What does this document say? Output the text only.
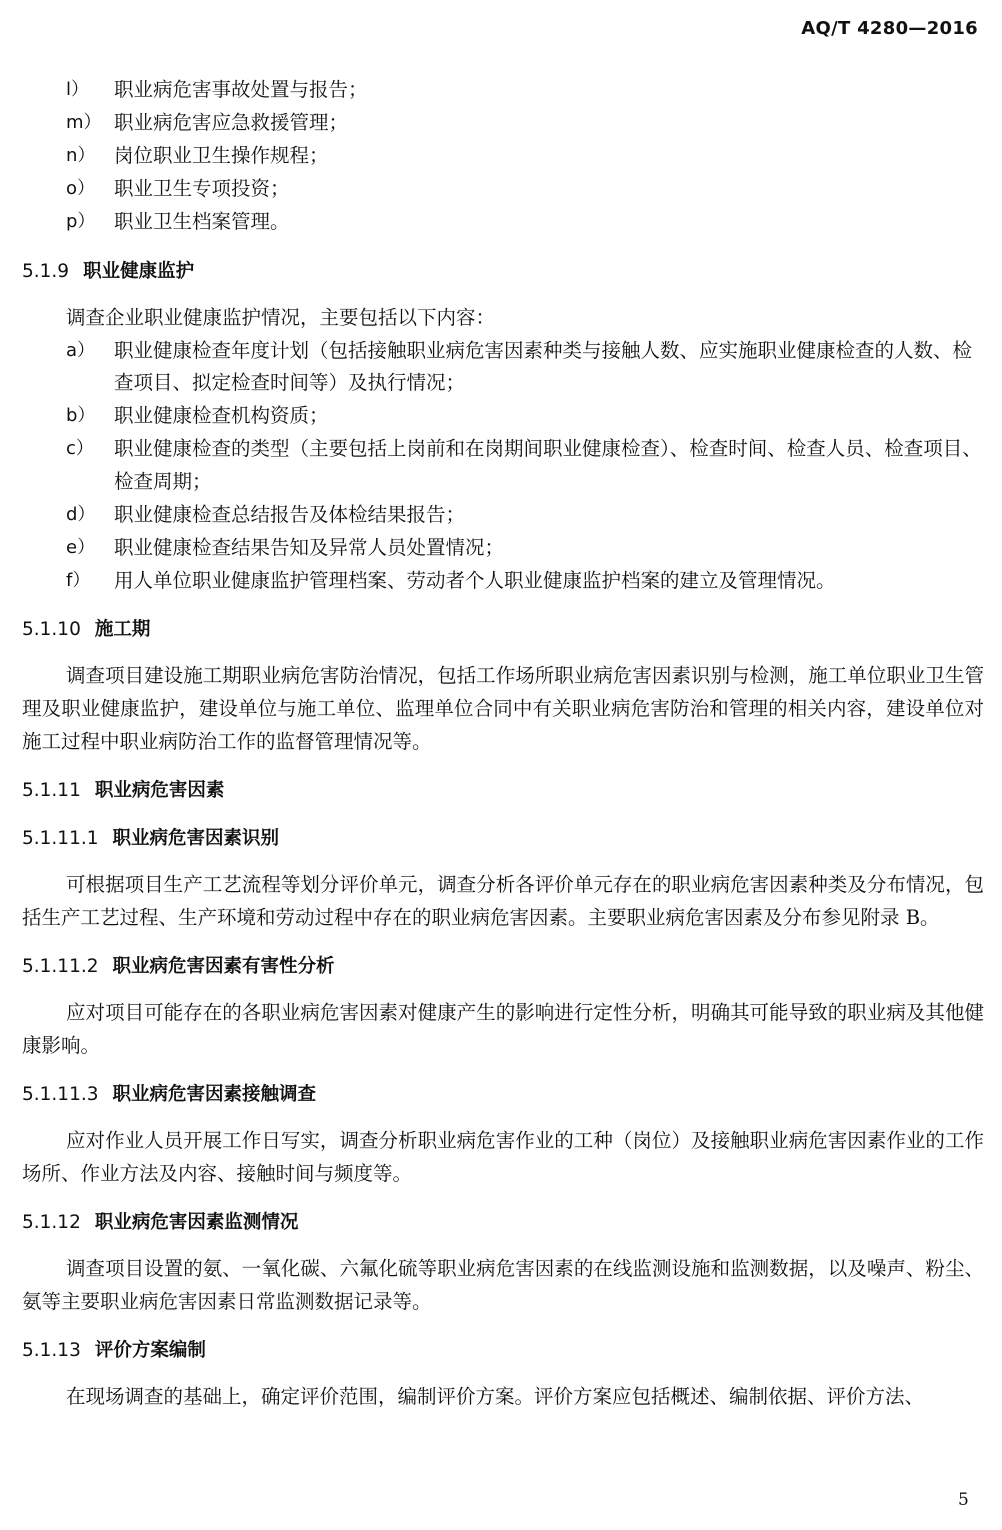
AQ/T 4280—2016
l） 职业病危害事故处置与报告；
m） 职业病危害应急救援管理；
n） 岗位职业卫生操作规程；
o） 职业卫生专项投资；
p） 职业卫生档案管理。
5.1.9 职业健康监护
调查企业职业健康监护情况，主要包括以下内容：
a） 职业健康检查年度计划（包括接触职业病危害因素种类与接触人数、应实施职业健康检查的人数、检查项目、拟定检查时间等）及执行情况；
b） 职业健康检查机构资质；
c） 职业健康检查的类型（主要包括上岗前和在岗期间职业健康检查）、检查时间、检查人员、检查项目、检查周期；
d） 职业健康检查总结报告及体检结果报告；
e） 职业健康检查结果告知及异常人员处置情况；
f） 用人单位职业健康监护管理档案、劳动者个人职业健康监护档案的建立及管理情况。
5.1.10 施工期
调查项目建设施工期职业病危害防治情况，包括工作场所职业病危害因素识别与检测，施工单位职业卫生管理及职业健康监护，建设单位与施工单位、监理单位合同中有关职业病危害防治和管理的相关内容，建设单位对施工过程中职业病防治工作的监督管理情况等。
5.1.11 职业病危害因素
5.1.11.1 职业病危害因素识别
可根据项目生产工艺流程等划分评价单元，调查分析各评价单元存在的职业病危害因素种类及分布情况，包括生产工艺过程、生产环境和劳动过程中存在的职业病危害因素。主要职业病危害因素及分布参见附录 B。
5.1.11.2 职业病危害因素有害性分析
应对项目可能存在的各职业病危害因素对健康产生的影响进行定性分析，明确其可能导致的职业病及其他健康影响。
5.1.11.3 职业病危害因素接触调查
应对作业人员开展工作日写实，调查分析职业病危害作业的工种（岗位）及接触职业病危害因素作业的工作场所、作业方法及内容、接触时间与频度等。
5.1.12 职业病危害因素监测情况
调查项目设置的氨、一氧化碳、六氟化硫等职业病危害因素的在线监测设施和监测数据，以及噪声、粉尘、氨等主要职业病危害因素日常监测数据记录等。
5.1.13 评价方案编制
在现场调查的基础上，确定评价范围，编制评价方案。评价方案应包括概述、编制依据、评价方法、
5
